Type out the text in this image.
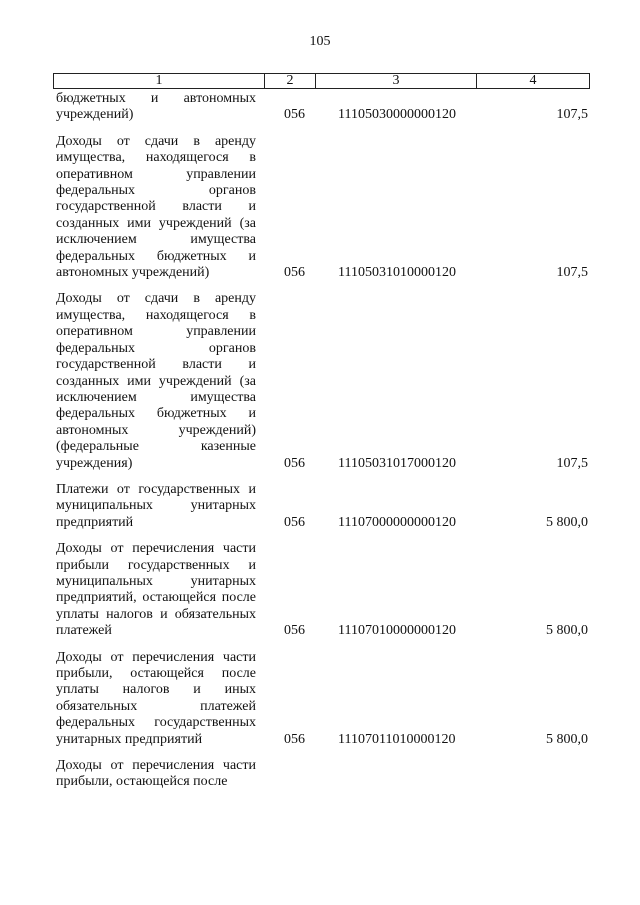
105
1	2	3	4
бюджетных и автономных учреждений)	056 11105030000000120	107,5
Доходы от сдачи в аренду имущества, находящегося в оперативном управлении федеральных органов государственной власти и созданных ими учреждений (за исключением имущества федеральных бюджетных и автономных учреждений)	056 11105031010000120	107,5
Доходы от сдачи в аренду имущества, находящегося в оперативном управлении федеральных органов государственной власти и созданных ими учреждений (за исключением имущества федеральных бюджетных и автономных учреждений) (федеральные казенные учреждения)	056 11105031017000120	107,5
Платежи от государственных и муниципальных унитарных предприятий	056 11107000000000120	5 800,0
Доходы от перечисления части прибыли государственных и муниципальных унитарных предприятий, остающейся после уплаты налогов и обязательных платежей	056 11107010000000120	5 800,0
Доходы от перечисления части прибыли, остающейся после уплаты налогов и иных обязательных платежей федеральных государственных унитарных предприятий	056 11107011010000120	5 800,0
Доходы от перечисления части прибыли, остающейся после
